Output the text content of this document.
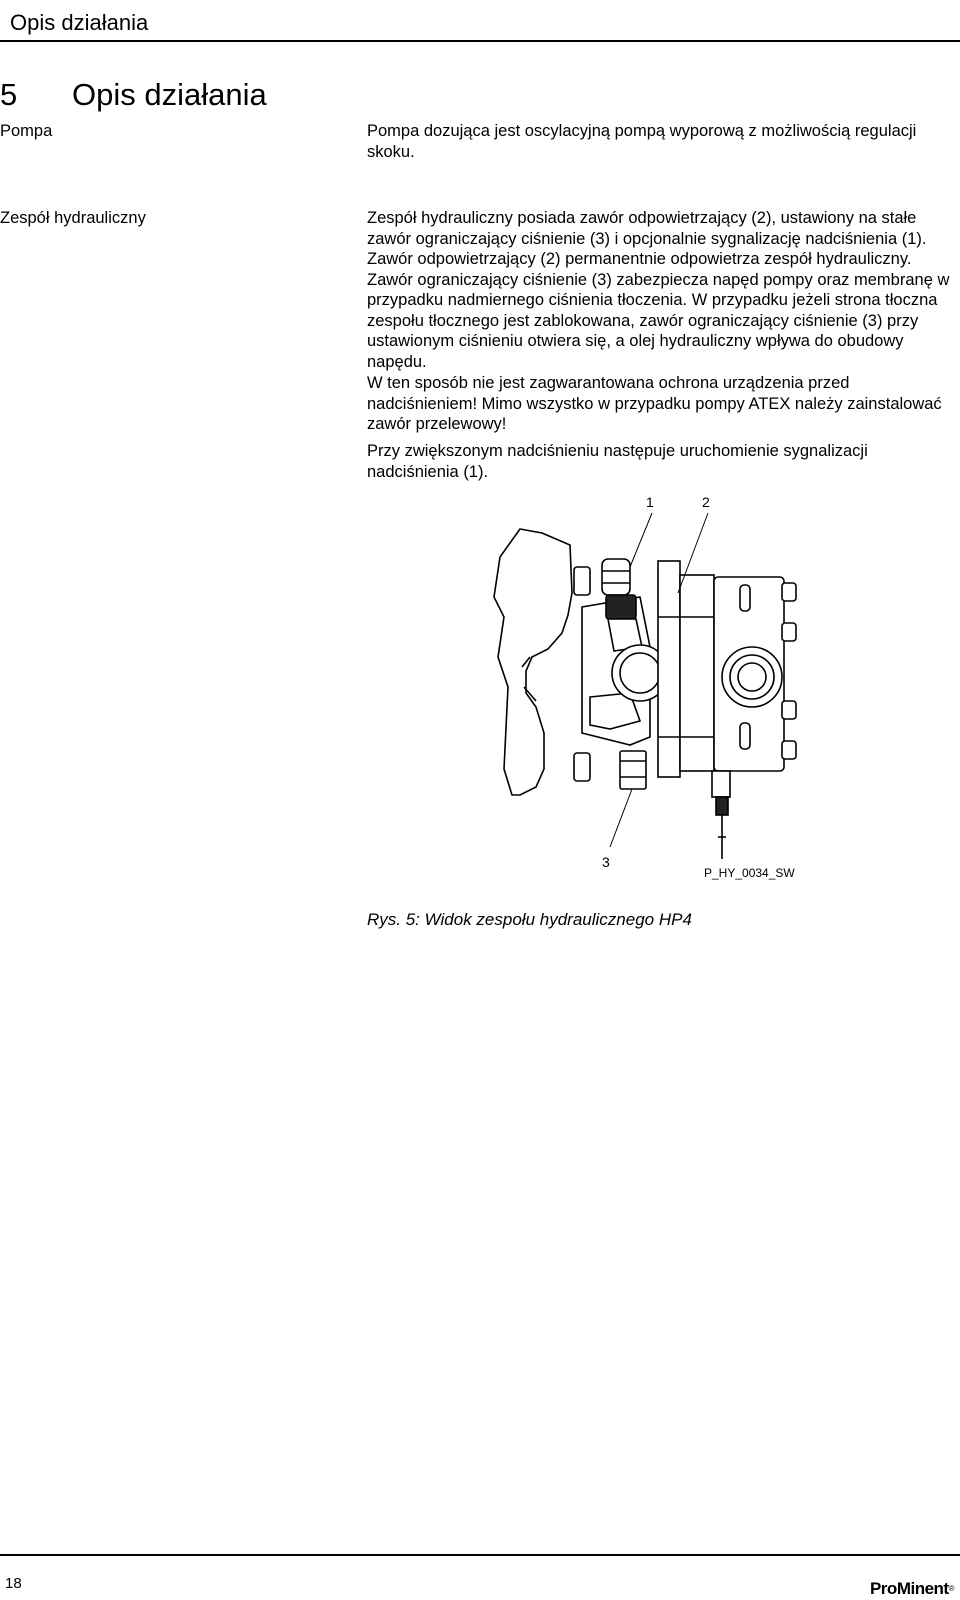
Opis działania
5 Opis działania
Pompa	Pompa dozująca jest oscylacyjną pompą wyporową z możliwością regulacji skoku.

Zespół hydrauliczny	Zespół hydrauliczny posiada zawór odpowietrzający (2), ustawiony na stałe zawór ograniczający ciśnienie (3) i opcjonalnie sygnalizację nadciśnienia (1). Zawór odpowietrzający (2) permanentnie odpowietrza zespół hydrauliczny. Zawór ograniczający ciśnienie (3) zabezpiecza napęd pompy oraz membranę w przypadku nadmiernego ciśnienia tłoczenia. W przypadku jeżeli strona tłoczna zespołu tłocznego jest zablokowana, zawór ograniczający ciśnienie (3) przy ustawionym ciśnieniu otwiera się, a olej hydrauliczny wpływa do obudowy napędu.

W ten sposób nie jest zagwarantowana ochrona urządzenia przed nadciśnieniem! Mimo wszystko w przypadku pompy ATEX należy zainstalować zawór przelewowy!

Przy zwiększonym nadciśnieniu następuje uruchomienie sygnalizacji nadciśnienia (1).

1	2
3
P_HY_0034_SW
Rys. 5: Widok zespołu hydraulicznego HP4
18	ProMinent®
